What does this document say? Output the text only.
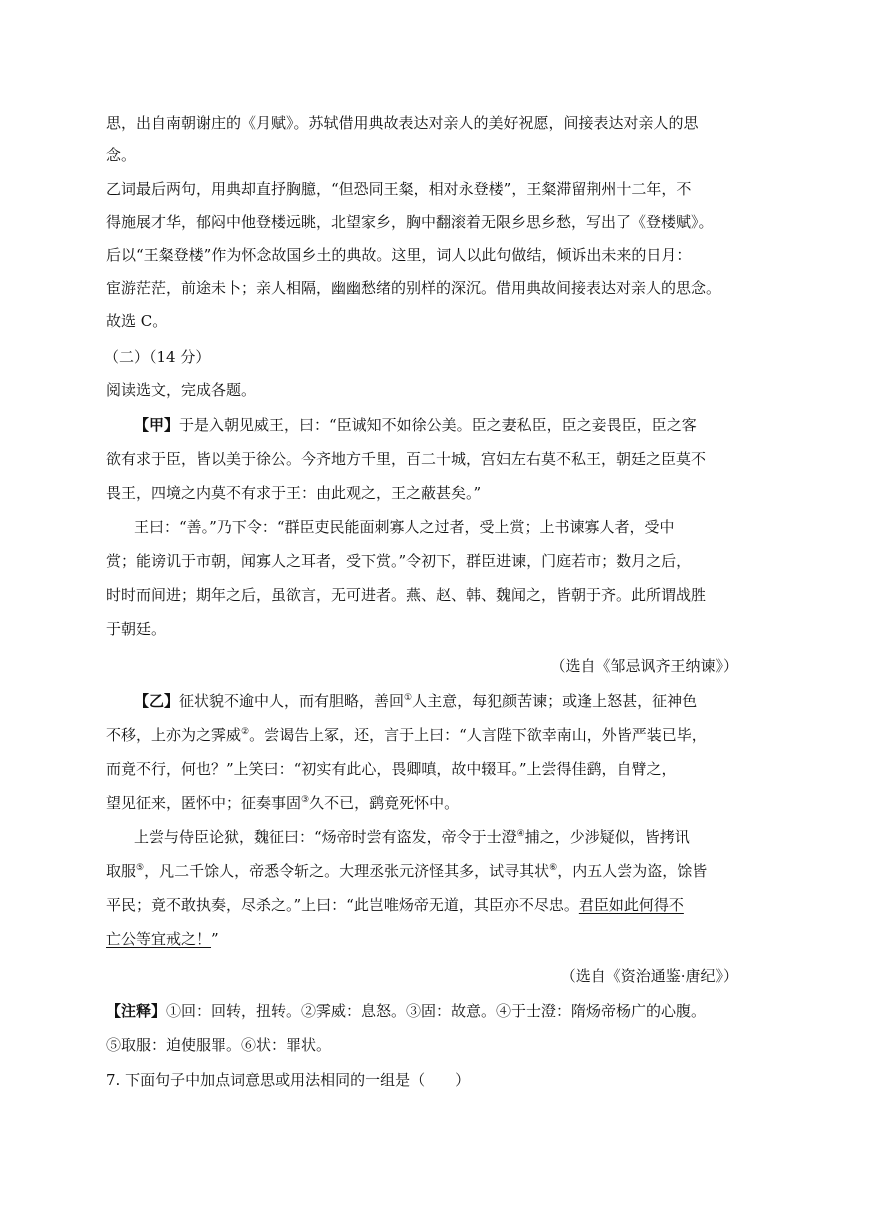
思，出自南朝谢庄的《月赋》。苏轼借用典故表达对亲人的美好祝愿，间接表达对亲人的思
念。
乙词最后两句，用典却直抒胸臆，“但恐同王粲，相对永登楼”，王粲滞留荆州十二年，不
得施展才华，郁闷中他登楼远眺，北望家乡，胸中翻滚着无限乡思乡愁，写出了《登楼赋》。
后以“王粲登楼”作为怀念故国乡土的典故。这里，词人以此句做结，倾诉出未来的日月：
宦游茫茫，前途未卜；亲人相隔，幽幽愁绪的别样的深沉。借用典故间接表达对亲人的思念。
故选 C。
（二）（14 分）
阅读选文，完成各题。
【甲】于是入朝见威王，曰：“臣诚知不如徐公美。臣之妻私臣，臣之妾畏臣，臣之客
欲有求于臣，皆以美于徐公。今齐地方千里，百二十城，宫妇左右莫不私王，朝廷之臣莫不
畏王，四境之内莫不有求于王：由此观之，王之蔽甚矣。”
王曰：“善。”乃下令：“群臣吏民能面刺寡人之过者，受上赏；上书谏寡人者，受中
赏；能谤讥于市朝，闻寡人之耳者，受下赏。”令初下，群臣进谏，门庭若市；数月之后，
时时而间进；期年之后，虽欲言，无可进者。燕、赵、韩、魏闻之，皆朝于齐。此所谓战胜
于朝廷。
（选自《邹忌讽齐王纳谏》）
【乙】征状貌不逾中人，而有胆略，善回①人主意，每犯颜苦谏；或逢上怒甚，征神色
不移，上亦为之霁威②。尝谒告上冢，还，言于上曰：“人言陛下欲幸南山，外皆严装已毕，
而竟不行，何也？”上笑曰：“初实有此心，畏卿嗔，故中辍耳。”上尝得佳鹞，自臂之，
望见征来，匿怀中；征奏事固③久不已，鹞竟死怀中。
上尝与侍臣论狱，魏征曰：“炀帝时尝有盗发，帝令于士澄④捕之，少涉疑似，皆拷讯
取服⑤，凡二千馀人，帝悉令斩之。大理丞张元济怪其多，试寻其状⑥，内五人尝为盗，馀皆
平民；竟不敢执奏，尽杀之。”上曰：“此岂唯炀帝无道，其臣亦不尽忠。君臣如此何得不
亡公等宜戒之！”
（选自《资治通鉴·唐纪》）
【注释】①回：回转，扭转。②霁威：息怒。③固：故意。④于士澄：隋炀帝杨广的心腹。
⑤取服：迫使服罪。⑥状：罪状。
7. 下面句子中加点词意思或用法相同的一组是（　　）
